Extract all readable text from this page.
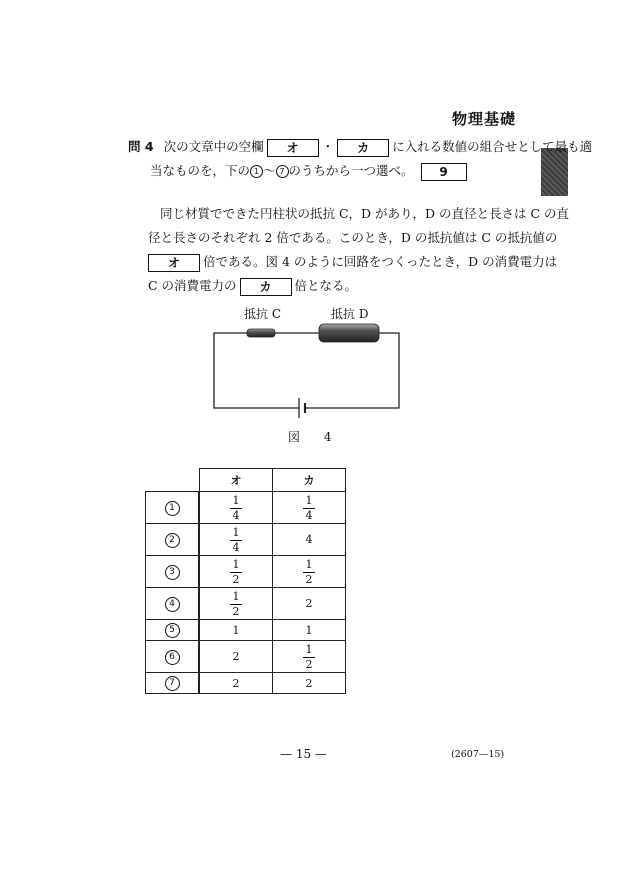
物理基礎
問 4 次の文章中の空欄 オ ・ カ に入れる数値の組合せとして最も適
当なものを，下の 1 ～ 7 のうちから一つ選べ。 9
同じ材質でできた円柱状の抵抗 C，D があり，D の直径と長さは C の直
径と長さのそれぞれ 2 倍である。このとき，D の抵抗値は C の抵抗値の
オ 倍である。図 4 のように回路をつくったとき，D の消費電力は
C の消費電力の カ 倍となる。
抵抗 C	抵抗 D
図 4
		オ	カ
1		$\frac{1}{4}$	$\frac{1}{4}$

2		$\frac{1}{4}$	4
3		$\frac{1}{2}$	$\frac{1}{2}$

4		$\frac{1}{2}$	2
5		1	1
6		2	$\frac{1}{2}$

7		2	2
— 15 —	(2607—15)
